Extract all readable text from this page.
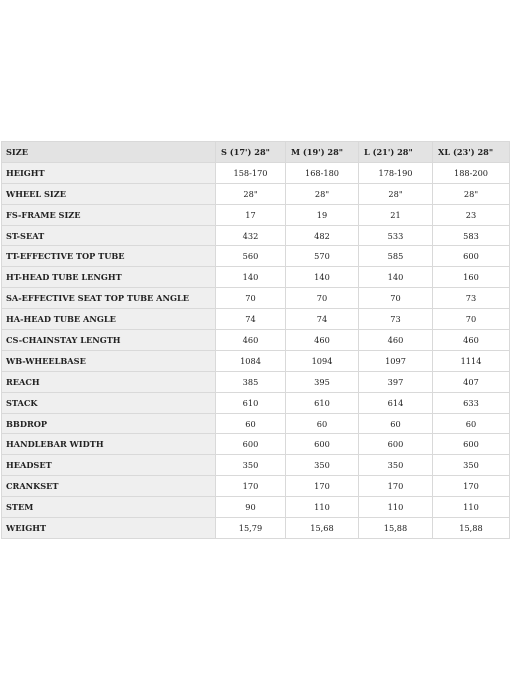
SIZE	S (17') 28"	M (19') 28"	L (21') 28"	XL (23') 28"
HEIGHT	158-170	168-180	178-190	188-200
WHEEL SIZE	28"	28"	28"	28"
FS-FRAME SIZE	17	19	21	23
ST-SEAT	432	482	533	583
TT-EFFECTIVE TOP TUBE	560	570	585	600
HT-HEAD TUBE LENGHT	140	140	140	160
SA-EFFECTIVE SEAT TOP TUBE ANGLE	70	70	70	73
HA-HEAD TUBE ANGLE	74	74	73	70
CS-CHAINSTAY LENGTH	460	460	460	460
WB-WHEELBASE	1084	1094	1097	1114
REACH	385	395	397	407
STACK	610	610	614	633
BBDROP	60	60	60	60
HANDLEBAR WIDTH	600	600	600	600
HEADSET	350	350	350	350
CRANKSET	170	170	170	170
STEM	90	110	110	110
WEIGHT	15,79	15,68	15,88	15,88
